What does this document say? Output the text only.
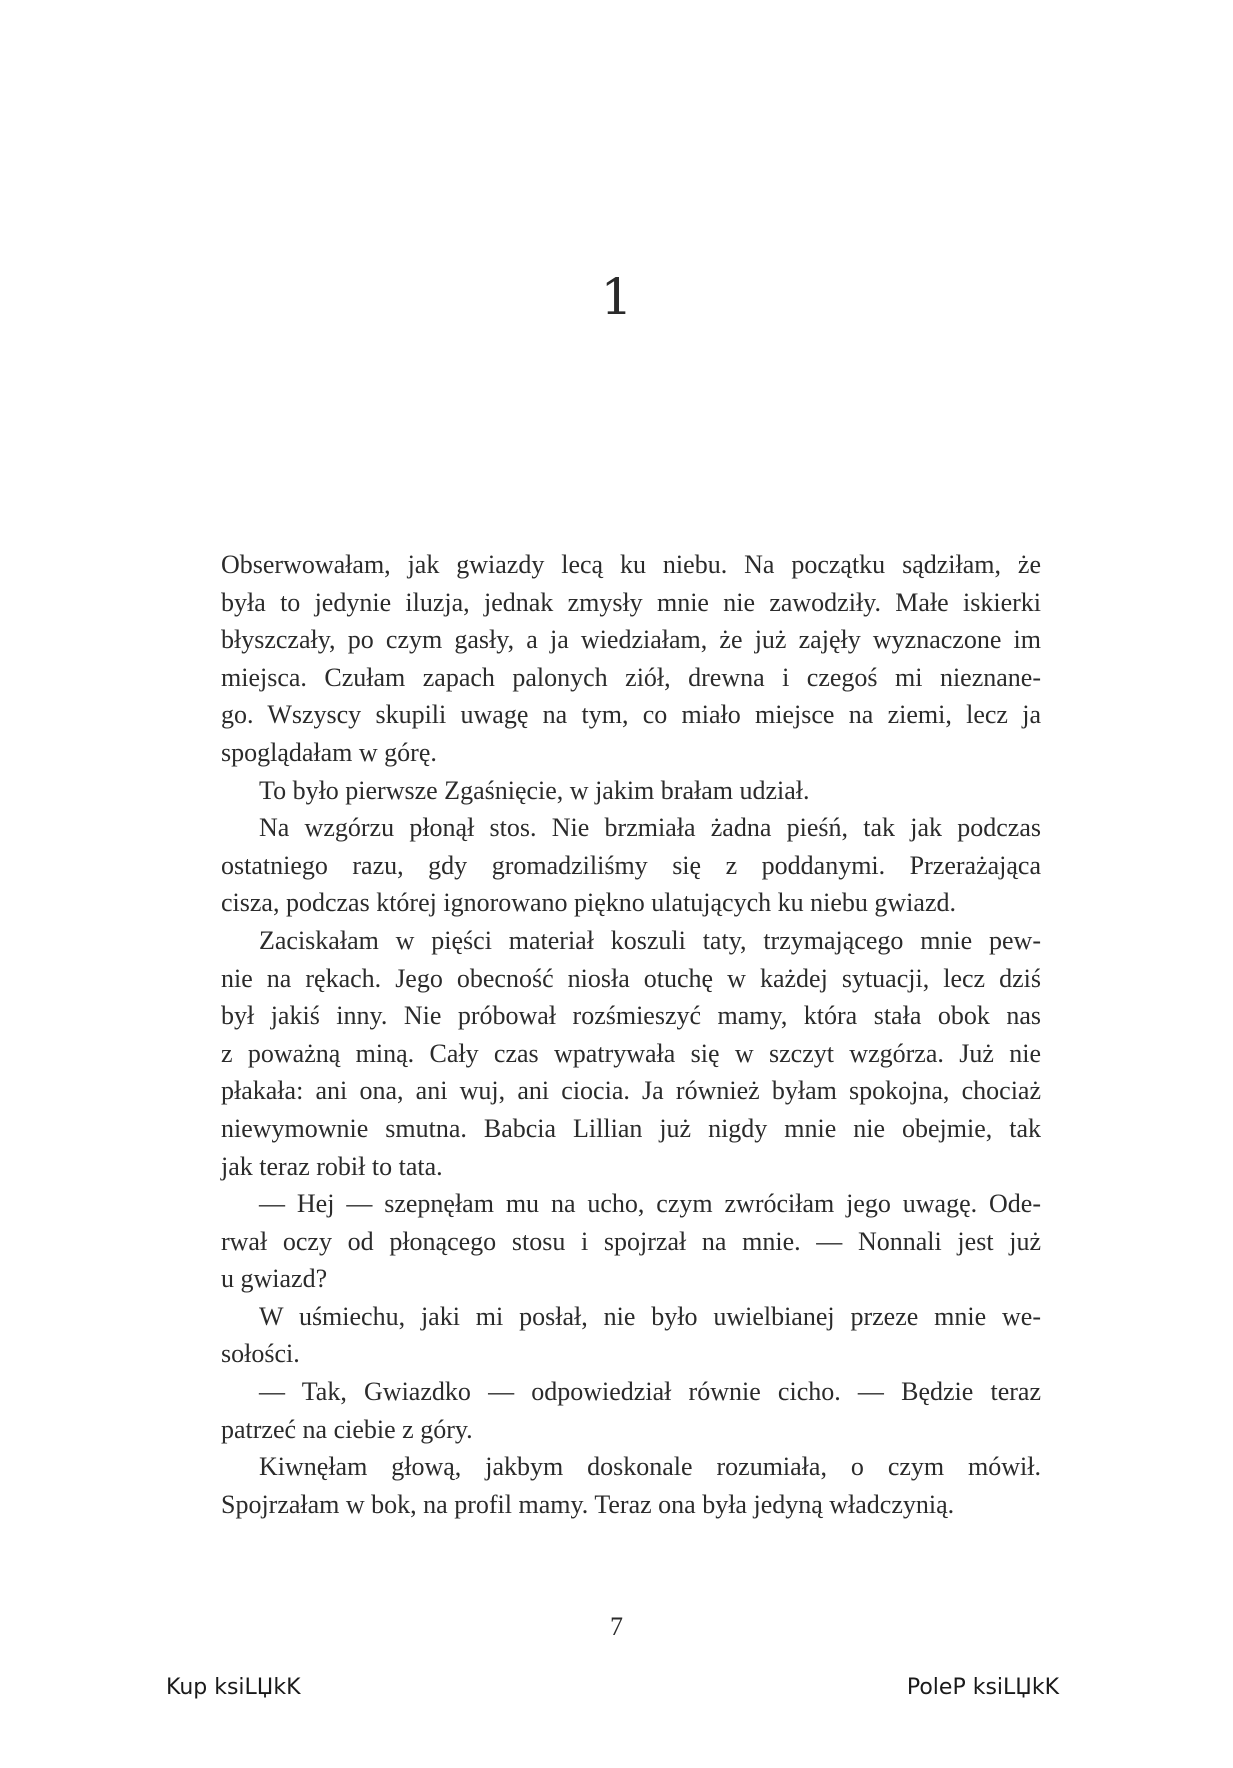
1
Obserwowałam, jak gwiazdy lecą ku niebu. Na początku sądziłam, że
była to jedynie iluzja, jednak zmysły mnie nie zawodziły. Małe iskierki
błyszczały, po czym gasły, a ja wiedziałam, że już zajęły wyznaczone im
miejsca. Czułam zapach palonych ziół, drewna i czegoś mi nieznane-
go. Wszyscy skupili uwagę na tym, co miało miejsce na ziemi, lecz ja
spoglądałam w górę.
To było pierwsze Zgaśnięcie, w jakim brałam udział.
Na wzgórzu płonął stos. Nie brzmiała żadna pieśń, tak jak podczas
ostatniego razu, gdy gromadziliśmy się z poddanymi. Przerażająca
cisza, podczas której ignorowano piękno ulatujących ku niebu gwiazd.
Zaciskałam w pięści materiał koszuli taty, trzymającego mnie pew-
nie na rękach. Jego obecność niosła otuchę w każdej sytuacji, lecz dziś
był jakiś inny. Nie próbował rozśmieszyć mamy, która stała obok nas
z poważną miną. Cały czas wpatrywała się w szczyt wzgórza. Już nie
płakała: ani ona, ani wuj, ani ciocia. Ja również byłam spokojna, chociaż
niewymownie smutna. Babcia Lillian już nigdy mnie nie obejmie, tak
jak teraz robił to tata.
— Hej — szepnęłam mu na ucho, czym zwróciłam jego uwagę. Ode-
rwał oczy od płonącego stosu i spojrzał na mnie. — Nonnali jest już
u gwiazd?
W uśmiechu, jaki mi posłał, nie było uwielbianej przeze mnie we-
sołości.
— Tak, Gwiazdko — odpowiedział równie cicho. — Będzie teraz
patrzeć na ciebie z góry.
Kiwnęłam głową, jakbym doskonale rozumiała, o czym mówił.
Spojrzałam w bok, na profil mamy. Teraz ona była jedyną władczynią.
7
Kup ksiLЏkK	PoleP ksiLЏkK
